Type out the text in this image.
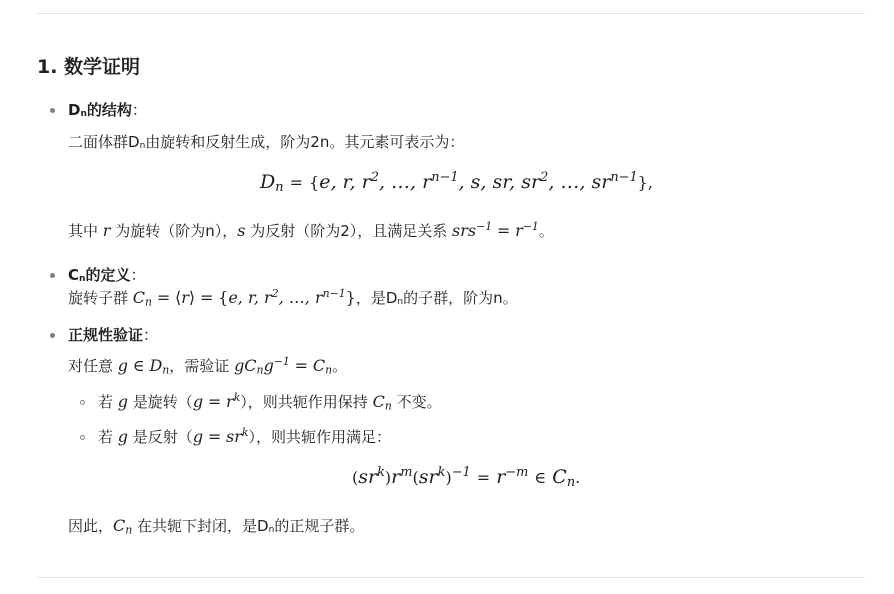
1. 数学证明
Dn的结构：
二面体群Dn由旋转和反射生成，阶为2n。其元素可表示为：
$D_n = \{e$, r, $r^2$, …, $r^{n-1}$, s, sr, $sr^2$, …, $sr^{n-1}$},
其中 r 为旋转（阶为n），s 为反射（阶为2），且满足关系 $srs^{-1} = r^{-1}$。
Cn的定义：
旋转子群 $C_n$ = ⟨r⟩ = {e, r, $r^2$, …, $r^{n-1}$}，是Dn的子群，阶为n。
正规性验证：
对任意 g ∈ $D_n$，需验证 $gC_ng^{-1} = C_n$。
若 g 是旋转$(g = r^k)$，则共轭作用保持 $C_n$ 不变。
若 g 是反射$(g = sr^k)$，则共轭作用满足：
$(sr^k)r^m(sr^k)^{-1} = r^{-m}$ ∈ $C_n$.
因此，$C_n$ 在共轭下封闭，是Dn的正规子群。
